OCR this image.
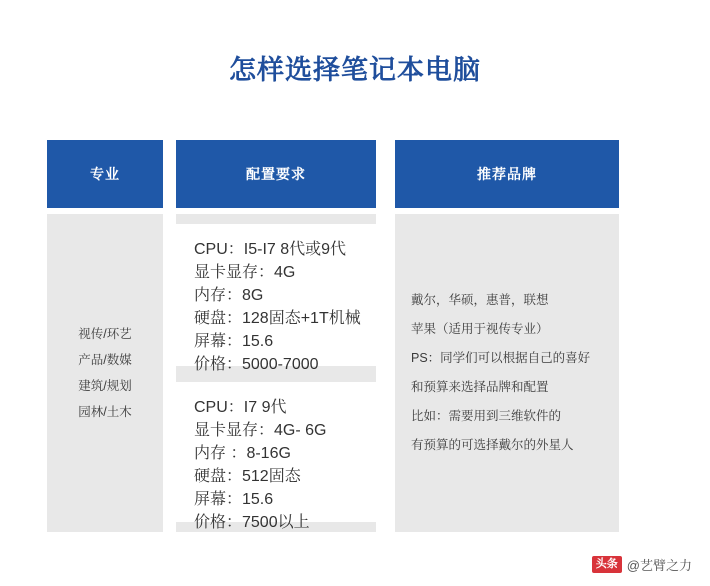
怎样选择笔记本电脑
专业	配置要求	推荐品牌
视传/环艺
产品/数媒
建筑/规划
园林/土木
CPU：I5-I7 8代或9代
显卡显存：4G
内存：8G
硬盘：128固态+1T机械
屏幕：15.6
价格：5000-7000
CPU：I7 9代
显卡显存：4G- 6G
内存 ：8-16G
硬盘：512固态
屏幕：15.6
价格：7500以上
戴尔，华硕，惠普，联想
苹果（适用于视传专业）
PS：同学们可以根据自己的喜好
和预算来选择品牌和配置
比如：需要用到三维软件的
有预算的可选择戴尔的外星人
头条 @艺臂之力
